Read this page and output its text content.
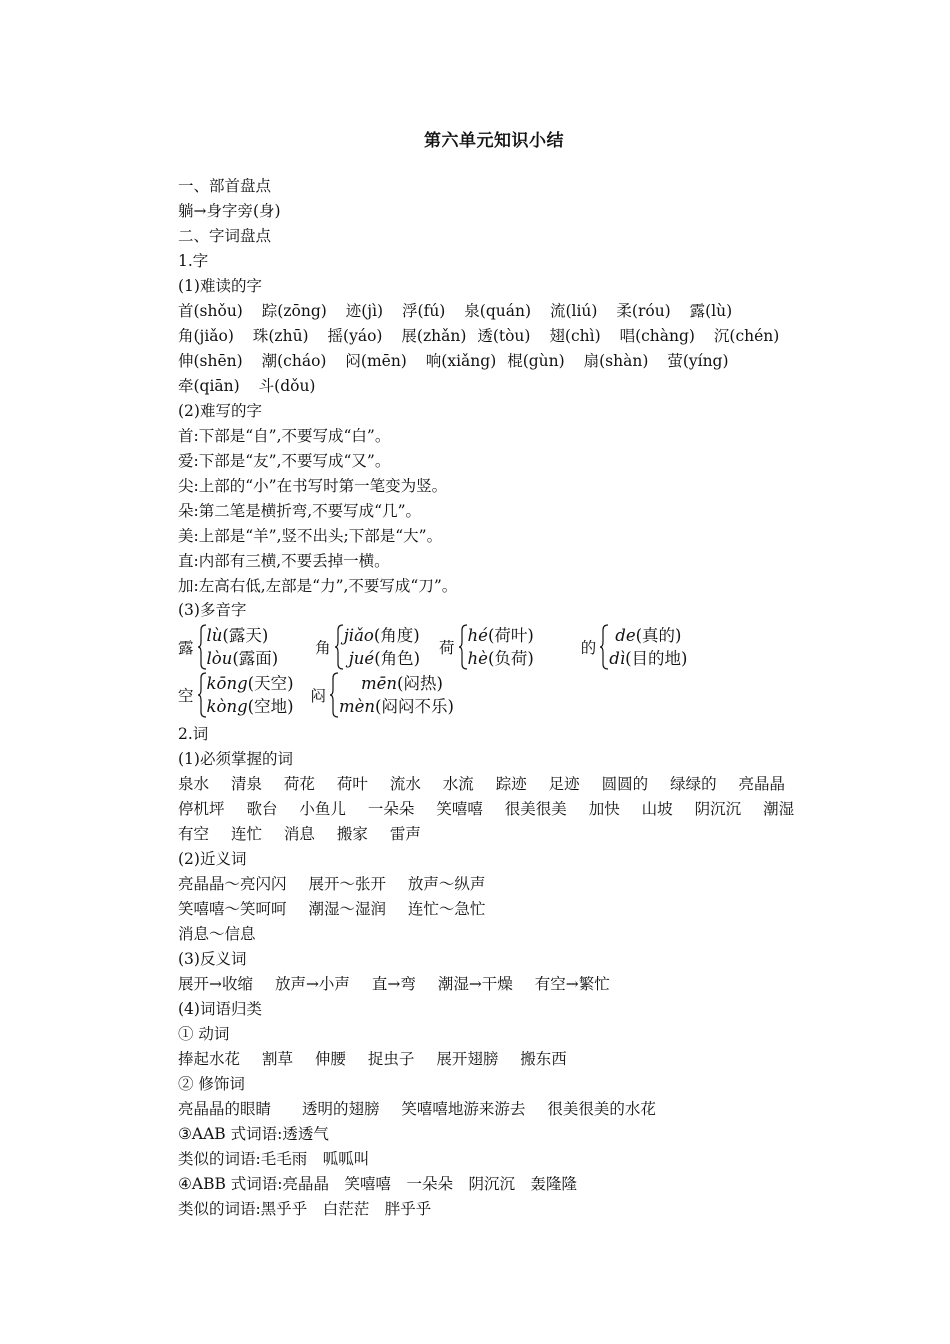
第六单元知识小结
一、部首盘点
躺→身字旁(身)
二、字词盘点
1.字
(1)难读的字
首(shǒu) 踪(zōng) 迹(jì) 浮(fú) 泉(quán) 流(liú) 柔(róu) 露(lù)
角(jiǎo) 珠(zhū) 摇(yáo) 展(zhǎn) 透(tòu) 翅(chì) 唱(chàng) 沉(chén)
伸(shēn) 潮(cháo) 闷(mēn) 响(xiǎng) 棍(gùn) 扇(shàn) 萤(yíng)
牵(qiān) 斗(dǒu)
(2)难写的字
首:下部是“自”,不要写成“白”。
爱:下部是“友”,不要写成“又”。
尖:上部的“小”在书写时第一笔变为竖。
朵:第二笔是横折弯,不要写成“几”。
美:上部是“羊”,竖不出头;下部是“大”。
直:内部有三横,不要丢掉一横。
加:左高右低,左部是“力”,不要写成“刀”。
(3)多音字
露
lù(露天)
lòu(露面)

角
jiǎo(角度)
jué(角色)

荷
hé(荷叶)
hè(负荷)

的
de(真的)
dì(目的地)
空
kōng(天空)
kòng(空地)

闷
mēn(闷热)
mèn(闷闷不乐)
2.词
(1)必须掌握的词
泉水 清泉 荷花 荷叶 流水 水流 踪迹 足迹 圆圆的 绿绿的 亮晶晶
停机坪 歌台 小鱼儿 一朵朵 笑嘻嘻 很美很美 加快 山坡 阴沉沉 潮湿
有空 连忙 消息 搬家 雷声
(2)近义词
亮晶晶～亮闪闪 展开～张开 放声～纵声
笑嘻嘻～笑呵呵 潮湿～湿润 连忙～急忙
消息～信息
(3)反义词
展开→收缩 放声→小声 直→弯 潮湿→干燥 有空→繁忙
(4)词语归类
① 动词
捧起水花 割草 伸腰 捉虫子 展开翅膀 搬东西
② 修饰词
亮晶晶的眼睛 透明的翅膀 笑嘻嘻地游来游去 很美很美的水花
③AAB 式词语:透透气
类似的词语:毛毛雨　呱呱叫
④ABB 式词语:亮晶晶　笑嘻嘻　一朵朵　阴沉沉　轰隆隆
类似的词语:黑乎乎　白茫茫　胖乎乎
